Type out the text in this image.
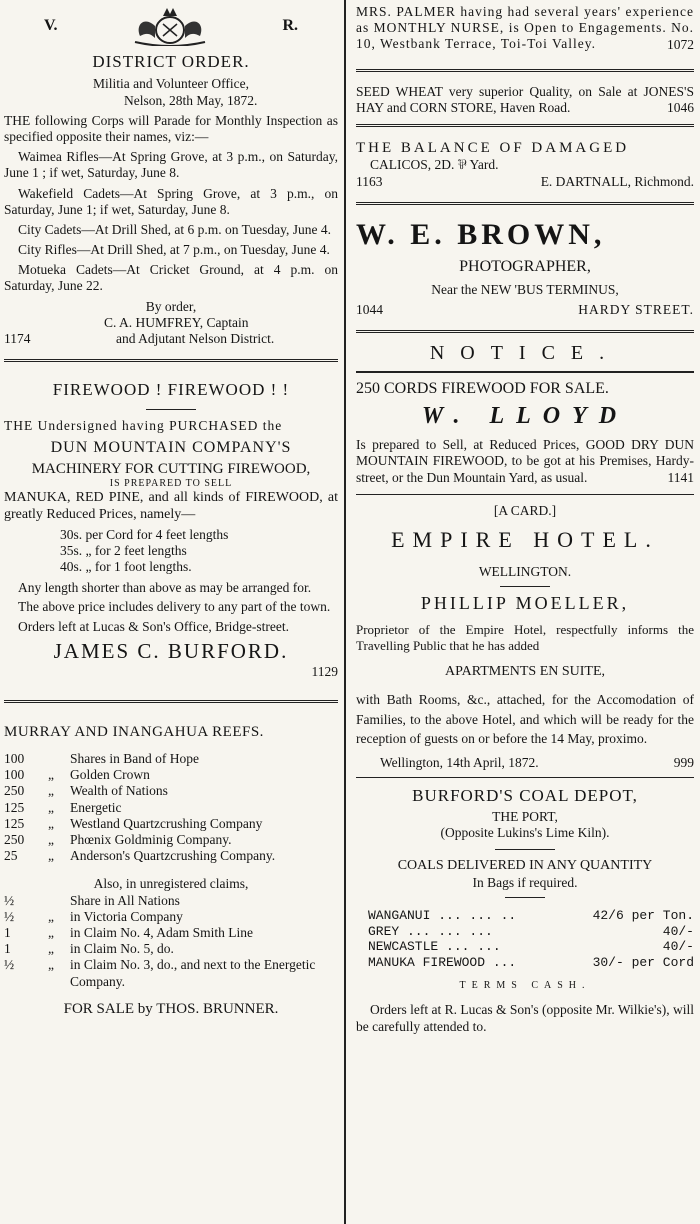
V.	R.
DISTRICT ORDER.
Militia and Volunteer Office,
Nelson, 28th May, 1872.

THE following Corps will Parade for Monthly Inspection as specified opposite their names, viz:—

Waimea Rifles—At Spring Grove, at 3 p.m., on Saturday, June 1 ; if wet, Saturday, June 8.

Wakefield Cadets—At Spring Grove, at 3 p.m., on Saturday, June 1; if wet, Saturday, June 8.

City Cadets—At Drill Shed, at 6 p.m. on Tuesday, June 4.

City Rifles—At Drill Shed, at 7 p.m., on Tuesday, June 4.

Motueka Cadets—At Cricket Ground, at 4 p.m. on Saturday, June 22.

By order,
C. A. HUMFREY, Captain
1174	and Adjutant Nelson District.
FIREWOOD ! FIREWOOD ! !

THE Undersigned having PURCHASED the

DUN MOUNTAIN COMPANY'S
MACHINERY FOR CUTTING FIREWOOD,
IS PREPARED TO SELL

MANUKA, RED PINE, and all kinds of FIREWOOD, at greatly Reduced Prices, namely—

30s. per Cord for 4 feet lengths
35s. „ for 2 feet lengths
40s. „ for 1 foot lengths.

Any length shorter than above as may be arranged for.

The above price includes delivery to any part of the town.

Orders left at Lucas & Son's Office, Bridge-street.

JAMES C. BURFORD.
1129
MURRAY AND INANGAHUA REEFS.
100	Shares in Band of Hope
100	„	Golden Crown
250	„	Wealth of Nations
125	„	Energetic
125	„	Westland Quartzcrushing Company
250	„	Phœnix Goldminig Company.
25	„	Anderson's Quartzcrushing Company.
Also, in unregistered claims,
½	Share in All Nations
½	„	in Victoria Company
1	„	in Claim No. 4, Adam Smith Line
1	„	in Claim No. 5, do.
½	„	in Claim No. 3, do., and next to the Energetic Company.
FOR SALE by THOS. BRUNNER.

MRS. PALMER having had several years' experience as MONTHLY NURSE, is Open to Engagements. No. 10, Westbank Terrace, Toi-Toi Valley.	1072

SEED WHEAT very superior Quality, on Sale at JONES'S HAY and CORN STORE, Haven Road.	1046
THE BALANCE OF DAMAGED
CALICOS, 2D. ⅌ Yard.
1163	E. DARTNALL, Richmond.
W. E. BROWN,
PHOTOGRAPHER,
Near the NEW 'BUS TERMINUS,
1044	HARDY STREET.
NOTICE.
250 CORDS FIREWOOD FOR SALE.
W. LLOYD

Is prepared to Sell, at Reduced Prices, GOOD DRY DUN MOUNTAIN FIREWOOD, to be got at his Premises, Hardy-street, or the Dun Mountain Yard, as usual.	1141
[A CARD.]
EMPIRE HOTEL.
WELLINGTON.
PHILLIP MOELLER,

Proprietor of the Empire Hotel, respectfully informs the Travelling Public that he has added

APARTMENTS EN SUITE,

with Bath Rooms, &c., attached, for the Accomodation of Families, to the above Hotel, and which will be ready for the reception of guests on or before the 14 May, proximo.

Wellington, 14th April, 1872.	999
BURFORD'S COAL DEPOT,
THE PORT,
(Opposite Lukins's Lime Kiln).
COALS DELIVERED IN ANY QUANTITY
In Bags if required.
WANGANUI ... ... ..	42/6 per Ton.
GREY ... ... ...	40/-
NEWCASTLE ... ...	40/-
MANUKA FIREWOOD ...	30/- per Cord
TERMS CASH.

Orders left at R. Lucas & Son's (opposite Mr. Wilkie's), will be carefully attended to.
